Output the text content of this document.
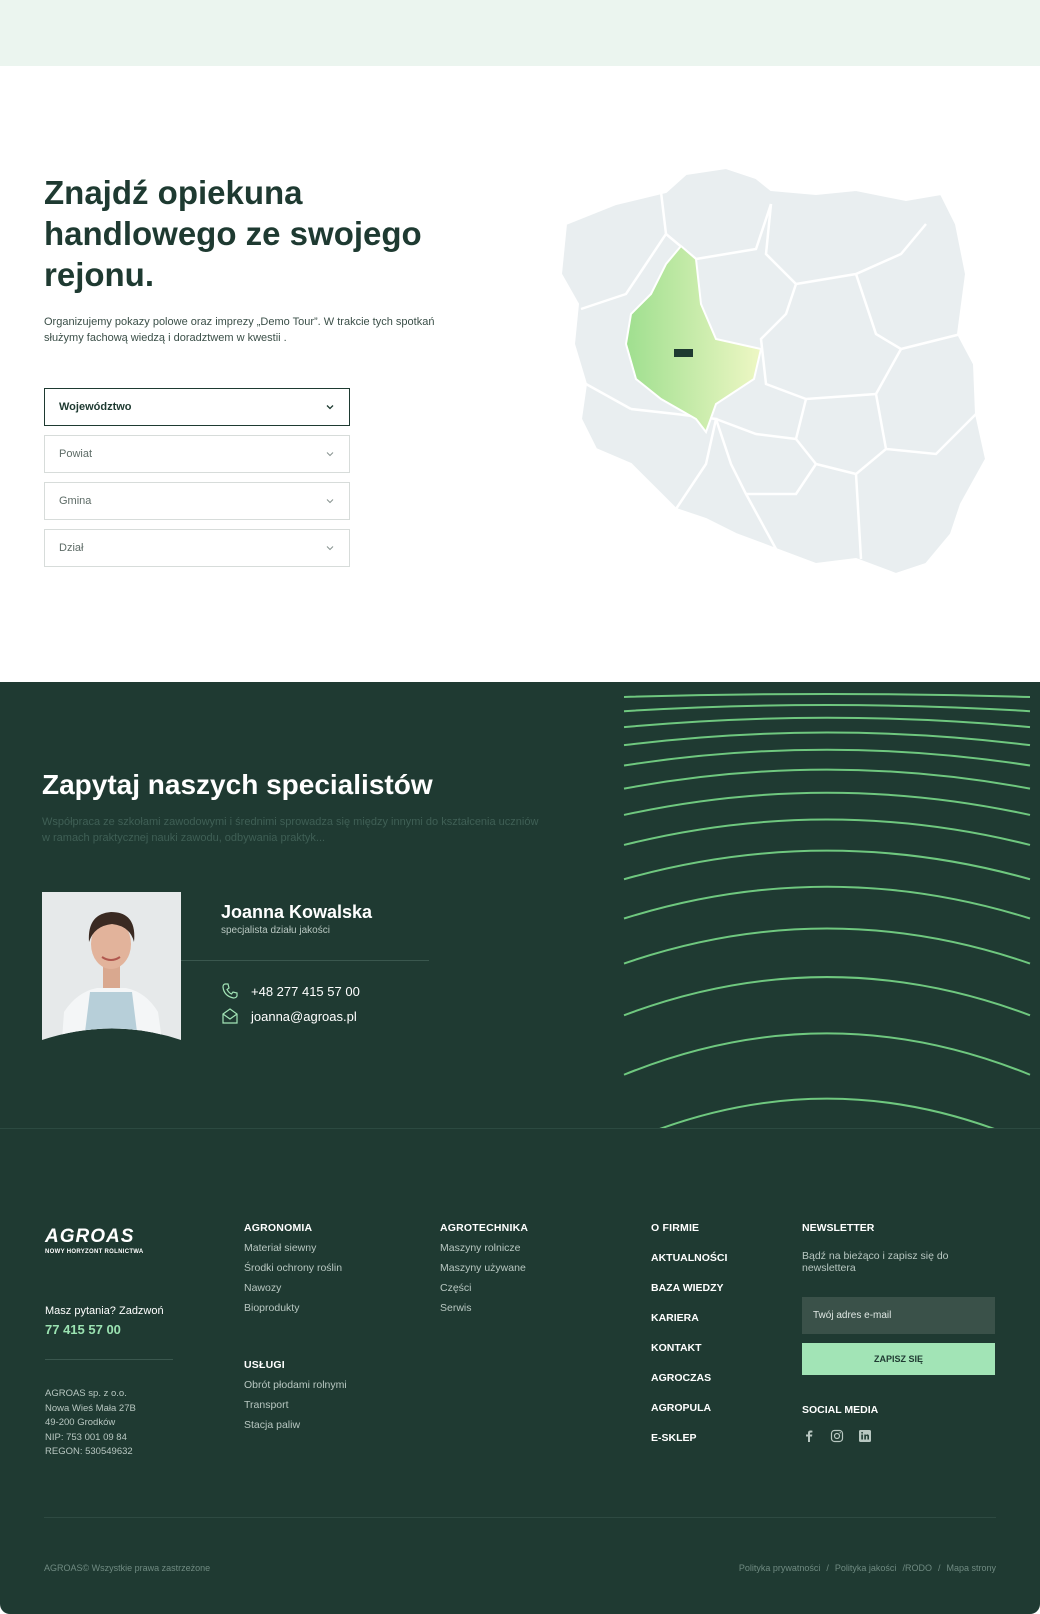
Znajdź opiekuna handlowego ze swojego rejonu.

Organizujemy pokazy polowe oraz imprezy „Demo Tour”. W trakcie tych spotkań służymy fachową wiedzą i doradztwem w kwestii .

Województwo
Powiat
Gmina
Dział
Zapytaj naszych specialistów

Współpraca ze szkołami zawodowymi i średnimi sprowadza się między innymi do kształcenia uczniów w ramach praktycznej nauki zawodu, odbywania praktyk...

Joanna Kowalska
specjalista działu jakości
+48 277 415 57 00
joanna@agroas.pl
AGROAS
NOWY HORYZONT ROLNICTWA
Masz pytania? Zadzwoń
77 415 57 00
AGROAS sp. z o.o.
Nowa Wieś Mała 27B
49-200 Grodków
NIP: 753 001 09 84
REGON: 530549632
AGRONOMIA
Materiał siewny
Środki ochrony roślin
Nawozy
Bioprodukty
USŁUGI
Obrót płodami rolnymi
Transport
Stacja paliw
AGROTECHNIKA
Maszyny rolnicze
Maszyny używane
Części
Serwis
O FIRMIE
AKTUALNOŚCI
BAZA WIEDZY
KARIERA
KONTAKT
AGROCZAS
AGROPULA
E-SKLEP
NEWSLETTER
Bądź na bieżąco i zapisz się do newslettera
Twój adres e-mail
ZAPISZ SIĘ
SOCIAL MEDIA
AGROAS© Wszystkie prawa zastrzeżone	Polityka prywatności / Polityka jakości /RODO / Mapa strony
